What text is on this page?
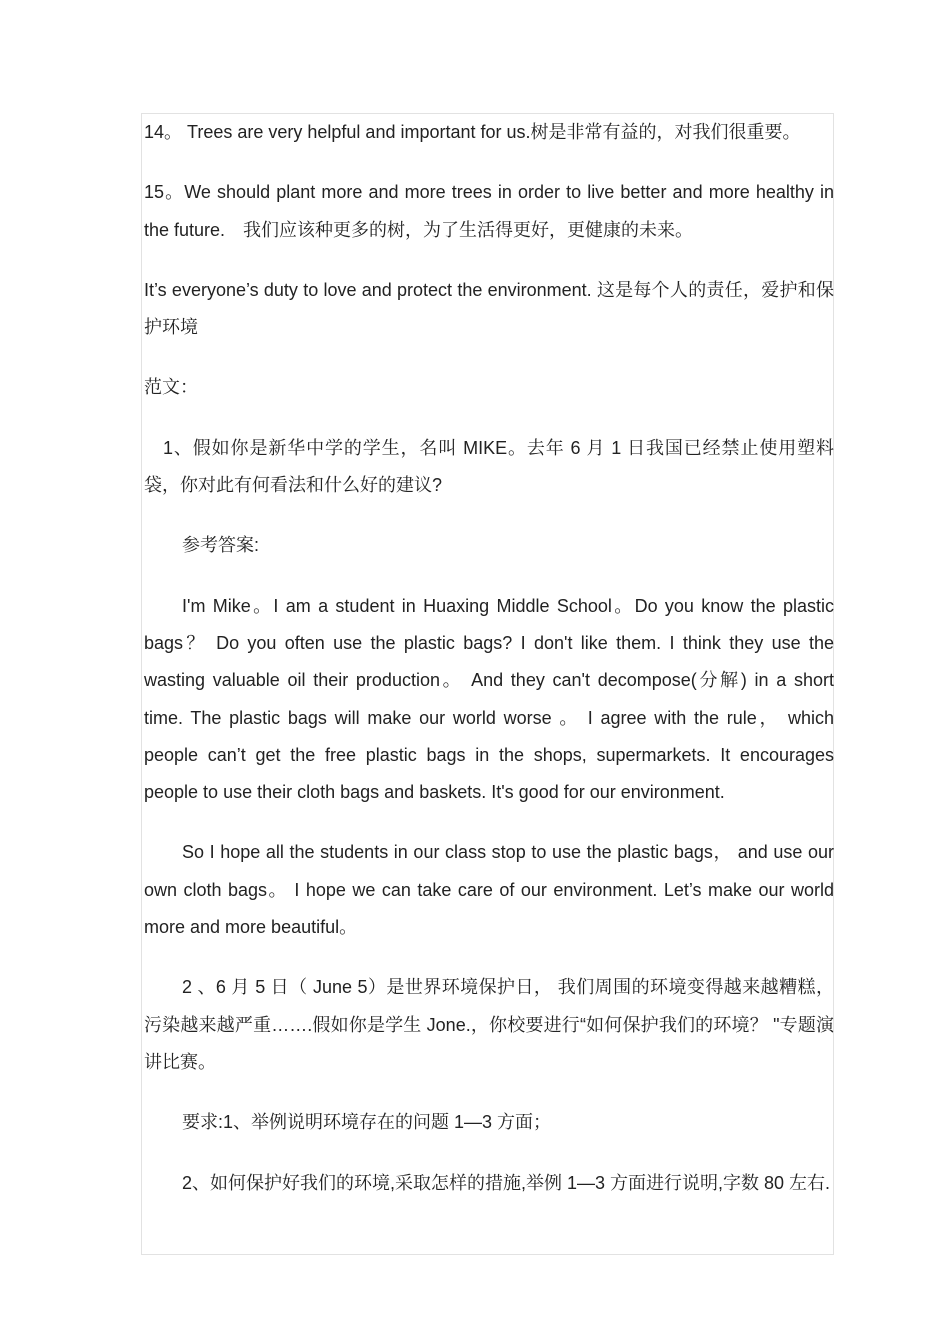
14。 Trees are very helpful and important for us.树是非常有益的，对我们很重要。

15。We should plant more and more trees in order to live better and more healthy in the future.　我们应该种更多的树，为了生活得更好，更健康的未来。

It’s everyone’s duty to love and protect the environment. 这是每个人的责任，爱护和保护环境

范文：

1、假如你是新华中学的学生，名叫 MIKE。去年 6 月 1 日我国已经禁止使用塑料袋，你对此有何看法和什么好的建议?

参考答案:

I'm Mike。I am a student in Huaxing Middle School。Do you know the plastic bags？ Do you often use the plastic bags? I don't like them. I think they use the wasting valuable oil their production。 And they can't decompose(分解) in a short time. The plastic bags will make our world worse 。 I agree with the rule， which people can’t get the free plastic bags in the shops, supermarkets. It encourages people to use their cloth bags and baskets. It's good for our environment.

So I hope all the students in our class stop to use the plastic bags， and use our own cloth bags。 I hope we can take care of our environment. Let’s make our world more and more beautiful。

2 、6 月 5 日（ June 5）是世界环境保护日， 我们周围的环境变得越来越糟糕，污染越来越严重…….假如你是学生 Jone.，你校要进行“如何保护我们的环境？ "专题演讲比赛。

要求:1、举例说明环境存在的问题 1—3 方面；

2、如何保护好我们的环境,采取怎样的措施,举例 1—3 方面进行说明,字数 80 左右.
